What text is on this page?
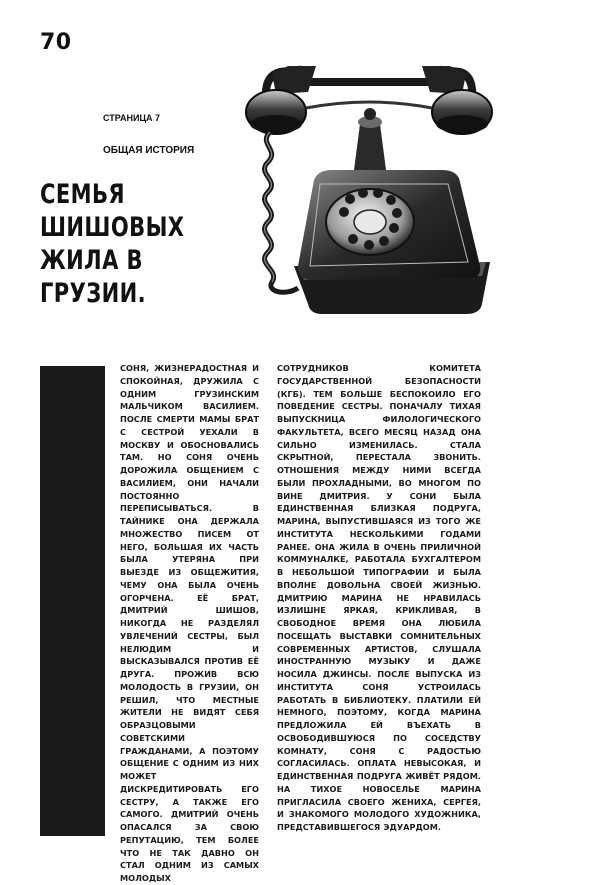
70
СТРАНИЦА 7
ОБЩАЯ ИСТОРИЯ
СЕМЬЯ ШИШОВЫХ ЖИЛА В ГРУЗИИ.
СОНЯ, ЖИЗНЕРАДОСТНАЯ И СПОКОЙНАЯ, ДРУЖИЛА С ОДНИМ ГРУЗИНСКИМ МАЛЬЧИКОМ ВАСИЛИЕМ. ПОСЛЕ СМЕРТИ МАМЫ БРАТ С СЕСТРОЙ УЕХАЛИ В МОСКВУ И ОБОСНОВАЛИСЬ ТАМ. НО СОНЯ ОЧЕНЬ ДОРОЖИЛА ОБЩЕНИЕМ С ВАСИЛИЕМ, ОНИ НАЧАЛИ ПОСТОЯННО ПЕРЕПИСЫВАТЬСЯ. В ТАЙНИКЕ ОНА ДЕРЖАЛА МНОЖЕСТВО ПИСЕМ ОТ НЕГО, БОЛЬШАЯ ИХ ЧАСТЬ БЫЛА УТЕРЯНА ПРИ ВЫЕЗДЕ ИЗ ОБЩЕЖИТИЯ, ЧЕМУ ОНА БЫЛА ОЧЕНЬ ОГОРЧЕНА. ЕЁ БРАТ, ДМИТРИЙ ШИШОВ, НИКОГДА НЕ РАЗДЕЛЯЛ УВЛЕЧЕНИЙ СЕСТРЫ, БЫЛ НЕЛЮДИМ И ВЫСКАЗЫВАЛСЯ ПРОТИВ ЕЁ ДРУГА. ПРОЖИВ ВСЮ МОЛОДОСТЬ В ГРУЗИИ, ОН РЕШИЛ, ЧТО МЕСТНЫЕ ЖИТЕЛИ НЕ ВИДЯТ СЕБЯ ОБРАЗЦОВЫМИ СОВЕТСКИМИ ГРАЖДАНАМИ, А ПОЭТОМУ ОБЩЕНИЕ С ОДНИМ ИЗ НИХ МОЖЕТ ДИСКРЕДИТИРОВАТЬ ЕГО СЕСТРУ, А ТАКЖЕ ЕГО САМОГО. ДМИТРИЙ ОЧЕНЬ ОПАСАЛСЯ ЗА СВОЮ РЕПУТАЦИЮ, ТЕМ БОЛЕЕ ЧТО НЕ ТАК ДАВНО ОН СТАЛ ОДНИМ ИЗ САМЫХ МОЛОДЫХ
СОТРУДНИКОВ КОМИТЕТА ГОСУДАРСТВЕННОЙ БЕЗОПАСНОСТИ (КГБ). ТЕМ БОЛЬШЕ БЕСПОКОИЛО ЕГО ПОВЕДЕНИЕ СЕСТРЫ. ПОНАЧАЛУ ТИХАЯ ВЫПУСКНИЦА ФИЛОЛОГИЧЕСКОГО ФАКУЛЬТЕТА, ВСЕГО МЕСЯЦ НАЗАД ОНА СИЛЬНО ИЗМЕНИЛАСЬ. СТАЛА СКРЫТНОЙ, ПЕРЕСТАЛА ЗВОНИТЬ. ОТНОШЕНИЯ МЕЖДУ НИМИ ВСЕГДА БЫЛИ ПРОХЛАДНЫМИ, ВО МНОГОМ ПО ВИНЕ ДМИТРИЯ. У СОНИ БЫЛА ЕДИНСТВЕННАЯ БЛИЗКАЯ ПОДРУГА, МАРИНА, ВЫПУСТИВШАЯСЯ ИЗ ТОГО ЖЕ ИНСТИТУТА НЕСКОЛЬКИМИ ГОДАМИ РАНЕЕ. ОНА ЖИЛА В ОЧЕНЬ ПРИЛИЧНОЙ КОММУНАЛКЕ, РАБОТАЛА БУХГАЛТЕРОМ В НЕБОЛЬШОЙ ТИПОГРАФИИ И БЫЛА ВПОЛНЕ ДОВОЛЬНА СВОЕЙ ЖИЗНЬЮ. ДМИТРИЮ МАРИНА НЕ НРАВИЛАСЬ ИЗЛИШНЕ ЯРКАЯ, КРИКЛИВАЯ, В СВОБОДНОЕ ВРЕМЯ ОНА ЛЮБИЛА ПОСЕЩАТЬ ВЫСТАВКИ СОМНИТЕЛЬНЫХ СОВРЕМЕННЫХ АРТИСТОВ, СЛУШАЛА ИНОСТРАННУЮ МУЗЫКУ И ДАЖЕ НОСИЛА ДЖИНСЫ. ПОСЛЕ ВЫПУСКА ИЗ ИНСТИТУТА СОНЯ УСТРОИЛАСЬ РАБОТАТЬ В БИБЛИОТЕКУ. ПЛАТИЛИ ЕЙ НЕМНОГО, ПОЭТОМУ, КОГДА МАРИНА ПРЕДЛОЖИЛА ЕЙ ВЪЕХАТЬ В ОСВОБОДИВШУЮСЯ ПО СОСЕДСТВУ КОМНАТУ, СОНЯ С РАДОСТЬЮ СОГЛАСИЛАСЬ. ОПЛАТА НЕВЫСОКАЯ, И ЕДИНСТВЕННАЯ ПОДРУГА ЖИВЁТ РЯДОМ. НА ТИХОЕ НОВОСЕЛЬЕ МАРИНА ПРИГЛАСИЛА СВОЕГО ЖЕНИХА, СЕРГЕЯ, И ЗНАКОМОГО МОЛОДОГО ХУДОЖНИКА, ПРЕДСТАВИВШЕГОСЯ ЭДУАРДОМ.
